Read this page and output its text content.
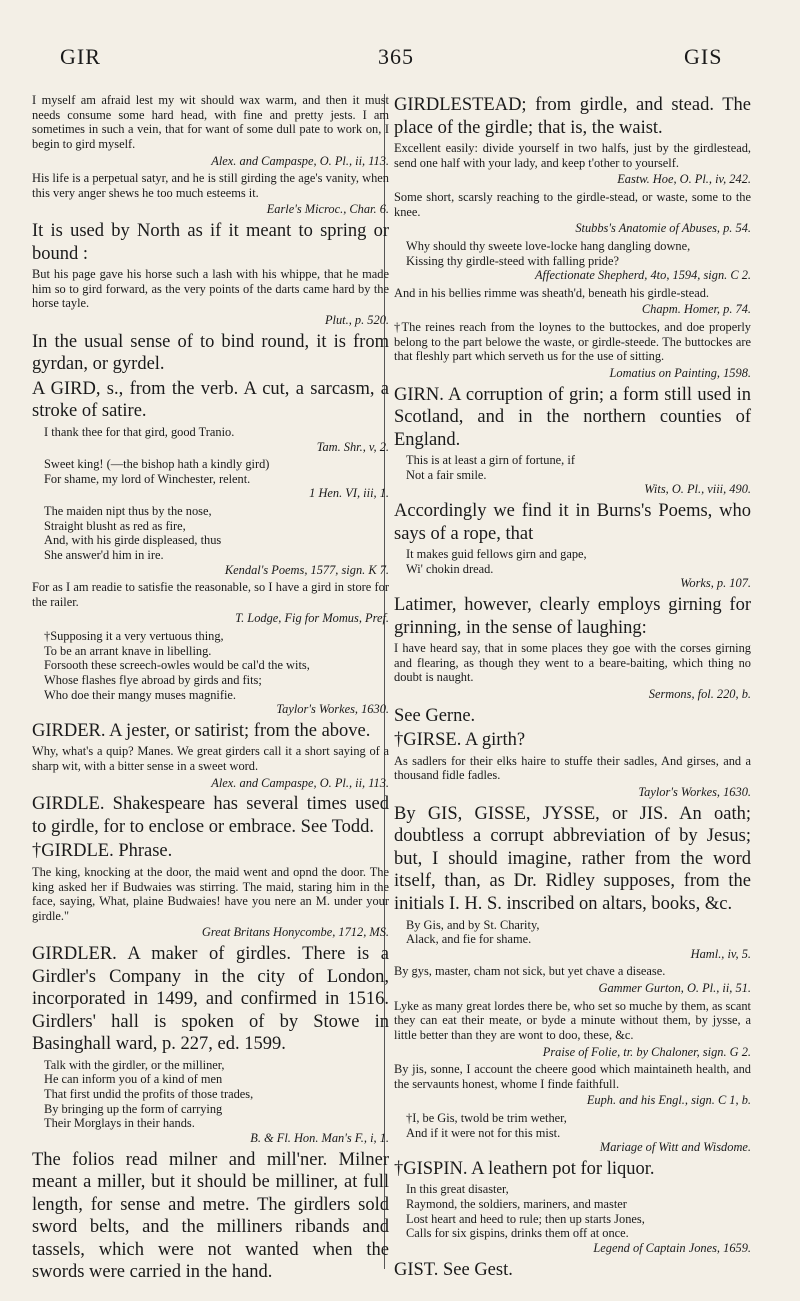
GIR	365	GIS

I myself am afraid lest my wit should wax warm, and then it must needs consume some hard head, with fine and pretty jests. I am sometimes in such a vein, that for want of some dull pate to work on, I begin to gird myself.

Alex. and Campaspe, O. Pl., ii, 113.

His life is a perpetual satyr, and he is still girding the age's vanity, when this very anger shews he too much esteems it.

Earle's Microc., Char. 6.

It is used by North as if it meant to spring or bound :

But his page gave his horse such a lash with his whippe, that he made him so to gird forward, as the very points of the darts came hard by the horse tayle.

Plut., p. 520.

In the usual sense of to bind round, it is from gyrdan, or gyrdel.

A GIRD, s., from the verb. A cut, a sarcasm, a stroke of satire.

I thank thee for that gird, good Tranio.
Tam. Shr., v, 2.
Sweet king! (—the bishop hath a kindly gird)
For shame, my lord of Winchester, relent.
1 Hen. VI, iii, 1.
The maiden nipt thus by the nose,
Straight blusht as red as fire,
And, with his girde displeased, thus
She answer'd him in ire.
Kendal's Poems, 1577, sign. K 7.

For as I am readie to satisfie the reasonable, so I have a gird in store for the railer.

T. Lodge, Fig for Momus, Pref.
†Supposing it a very vertuous thing,
To be an arrant knave in libelling.
Forsooth these screech-owles would be cal'd the wits,
Whose flashes flye abroad by girds and fits;
Who doe their mangy muses magnifie.
Taylor's Workes, 1630.

GIRDER. A jester, or satirist; from the above.

Why, what's a quip? Manes. We great girders call it a short saying of a sharp wit, with a bitter sense in a sweet word.

Alex. and Campaspe, O. Pl., ii, 113.

GIRDLE. Shakespeare has several times used to girdle, for to enclose or embrace. See Todd.

†GIRDLE. Phrase.

The king, knocking at the door, the maid went and opnd the door. The king asked her if Budwaies was stirring. The maid, staring him in the face, saying, What, plaine Budwaies! have you nere an M. under your girdle."

Great Britans Honycombe, 1712, MS.

GIRDLER. A maker of girdles. There is a Girdler's Company in the city of London, incorporated in 1499, and confirmed in 1516. Girdlers' hall is spoken of by Stowe in Basinghall ward, p. 227, ed. 1599.

Talk with the girdler, or the milliner,
He can inform you of a kind of men
That first undid the profits of those trades,
By bringing up the form of carrying
Their Morglays in their hands.
B. & Fl. Hon. Man's F., i, 1.

The folios read milner and mill'ner. Milner meant a miller, but it should be milliner, at full length, for sense and metre. The girdlers sold sword belts, and the milliners ribands and tassels, which were not wanted when the swords were carried in the hand.

GIRDLESTEAD; from girdle, and stead. The place of the girdle; that is, the waist.

Excellent easily: divide yourself in two halfs, just by the girdlestead, send one half with your lady, and keep t'other to yourself.

Eastw. Hoe, O. Pl., iv, 242.

Some short, scarsly reaching to the girdle-stead, or waste, some to the knee.

Stubbs's Anatomie of Abuses, p. 54.
Why should thy sweete love-locke hang dangling downe,
Kissing thy girdle-steed with falling pride?
Affectionate Shepherd, 4to, 1594, sign. C 2.

And in his bellies rimme was sheath'd, beneath his girdle-stead.

Chapm. Homer, p. 74.

†The reines reach from the loynes to the buttockes, and doe properly belong to the part belowe the waste, or girdle-steede. The buttockes are that fleshly part which serveth us for the use of sitting.

Lomatius on Painting, 1598.

GIRN. A corruption of grin; a form still used in Scotland, and in the northern counties of England.

This is at least a girn of fortune, if
Not a fair smile.
Wits, O. Pl., viii, 490.

Accordingly we find it in Burns's Poems, who says of a rope, that

It makes guid fellows girn and gape,
Wi' chokin dread.
Works, p. 107.

Latimer, however, clearly employs girning for grinning, in the sense of laughing:

I have heard say, that in some places they goe with the corses girning and flearing, as though they went to a beare-baiting, which thing no doubt is naught.

Sermons, fol. 220, b.

See Gerne.

†GIRSE. A girth?

As sadlers for their elks haire to stuffe their sadles, And girses, and a thousand fidle fadles.

Taylor's Workes, 1630.

By GIS, GISSE, JYSSE, or JIS. An oath; doubtless a corrupt abbreviation of by Jesus; but, I should imagine, rather from the word itself, than, as Dr. Ridley supposes, from the initials I. H. S. inscribed on altars, books, &c.

By Gis, and by St. Charity,
Alack, and fie for shame.
Haml., iv, 5.

By gys, master, cham not sick, but yet chave a disease.

Gammer Gurton, O. Pl., ii, 51.

Lyke as many great lordes there be, who set so muche by them, as scant they can eat their meate, or byde a minute without them, by jysse, a little better than they are wont to doo, these, &c.

Praise of Folie, tr. by Chaloner, sign. G 2.

By jis, sonne, I account the cheere good which maintaineth health, and the servaunts honest, whome I finde faithfull.

Euph. and his Engl., sign. C 1, b.
†I, be Gis, twold be trim wether,
And if it were not for this mist.
Mariage of Witt and Wisdome.

†GISPIN. A leathern pot for liquor.

In this great disaster,
Raymond, the soldiers, mariners, and master
Lost heart and heed to rule; then up starts Jones,
Calls for six gispins, drinks them off at once.
Legend of Captain Jones, 1659.

GIST. See Gest.
